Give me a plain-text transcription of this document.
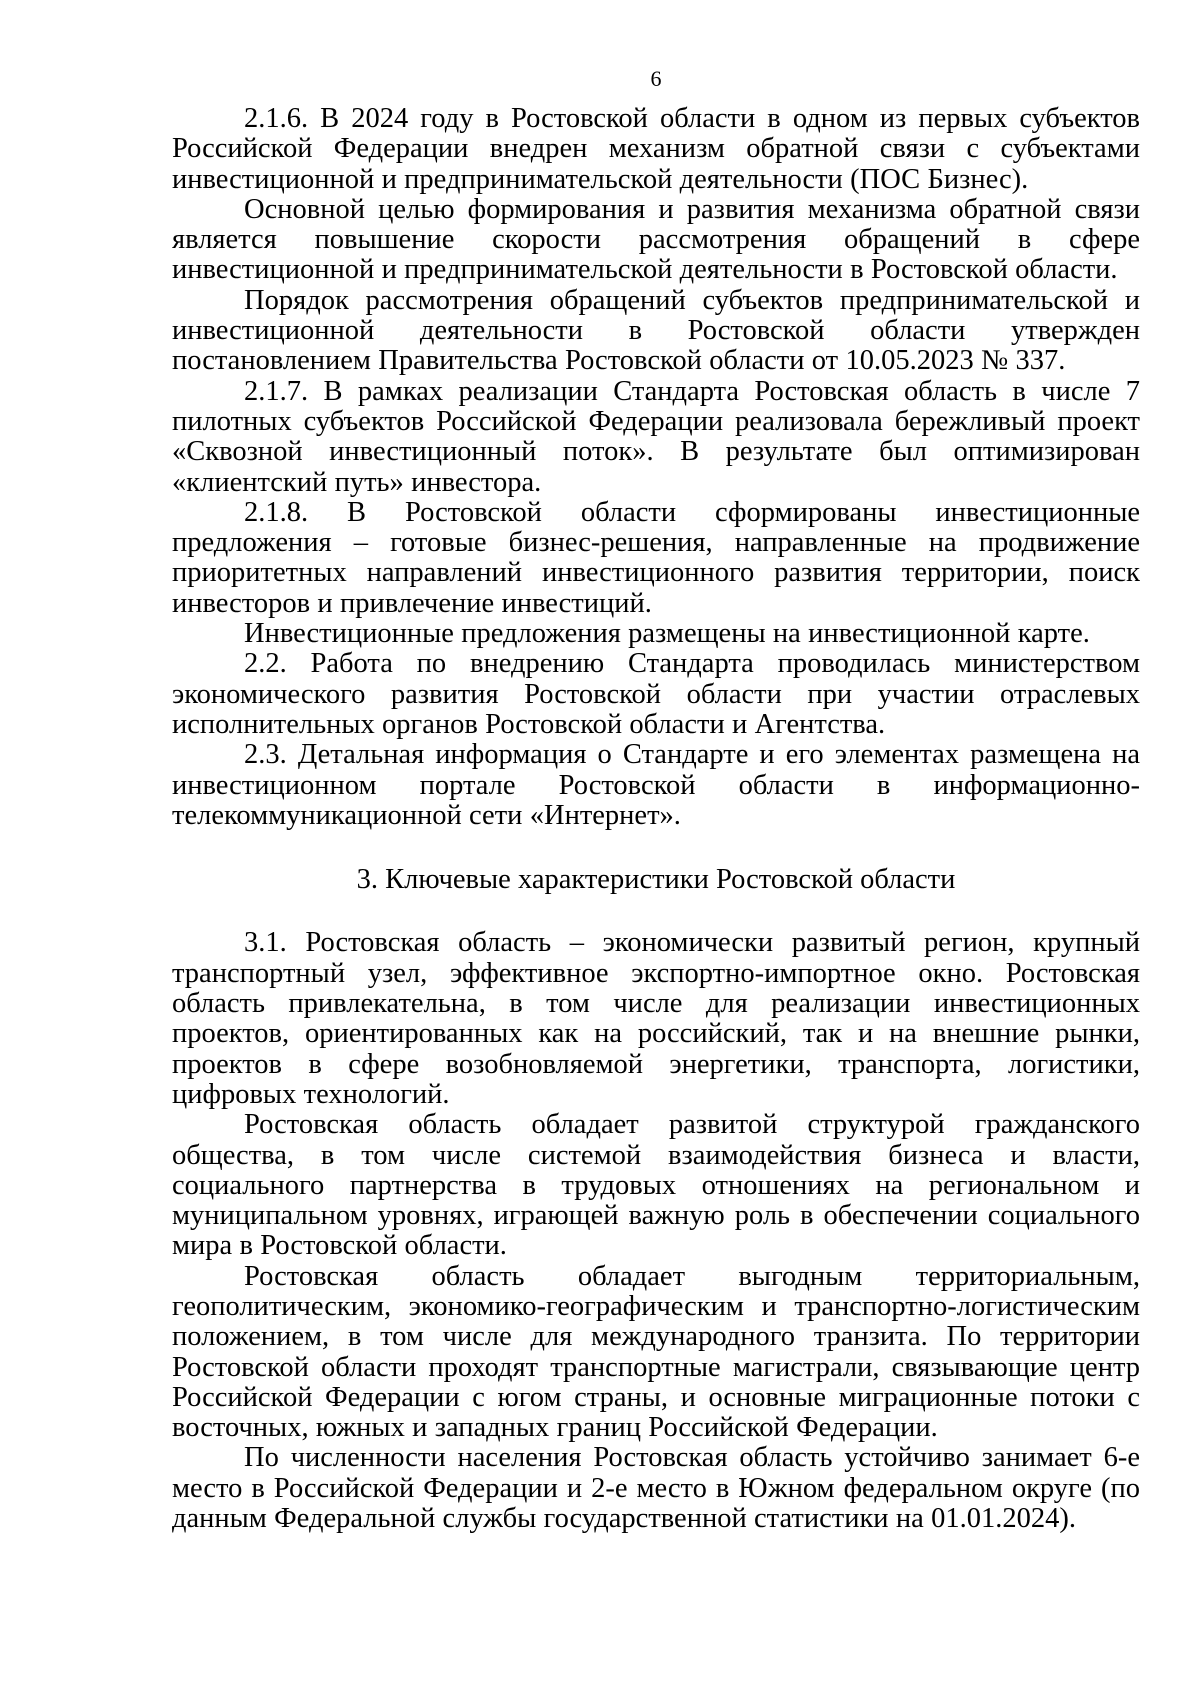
6

2.1.6. В 2024 году в Ростовской области в одном из первых субъектов Российской Федерации внедрен механизм обратной связи с субъектами инвестиционной и предпринимательской деятельности (ПОС Бизнес).

Основной целью формирования и развития механизма обратной связи является повышение скорости рассмотрения обращений в сфере инвестиционной и предпринимательской деятельности в Ростовской области.

Порядок рассмотрения обращений субъектов предпринимательской и инвестиционной деятельности в Ростовской области утвержден постановлением Правительства Ростовской области от 10.05.2023 № 337.

2.1.7. В рамках реализации Стандарта Ростовская область в числе 7 пилотных субъектов Российской Федерации реализовала бережливый проект «Сквозной инвестиционный поток». В результате был оптимизирован «клиентский путь» инвестора.

2.1.8. В Ростовской области сформированы инвестиционные предложения – готовые бизнес-решения, направленные на продвижение приоритетных направлений инвестиционного развития территории, поиск инвесторов и привлечение инвестиций.

Инвестиционные предложения размещены на инвестиционной карте.

2.2. Работа по внедрению Стандарта проводилась министерством экономического развития Ростовской области при участии отраслевых исполнительных органов Ростовской области и Агентства.

2.3. Детальная информация о Стандарте и его элементах размещена на инвестиционном портале Ростовской области в информационно-телекоммуникационной сети «Интернет».

3. Ключевые характеристики Ростовской области

3.1. Ростовская область – экономически развитый регион, крупный транспортный узел, эффективное экспортно-импортное окно. Ростовская область привлекательна, в том числе для реализации инвестиционных проектов, ориентированных как на российский, так и на внешние рынки, проектов в сфере возобновляемой энергетики, транспорта, логистики, цифровых технологий.

Ростовская область обладает развитой структурой гражданского общества, в том числе системой взаимодействия бизнеса и власти, социального партнерства в трудовых отношениях на региональном и муниципальном уровнях, играющей важную роль в обеспечении социального мира в Ростовской области.

Ростовская область обладает выгодным территориальным, геополитическим, экономико-географическим и транспортно-логистическим положением, в том числе для международного транзита. По территории Ростовской области проходят транспортные магистрали, связывающие центр Российской Федерации с югом страны, и основные миграционные потоки с восточных, южных и западных границ Российской Федерации.

По численности населения Ростовская область устойчиво занимает 6-е место в Российской Федерации и 2-е место в Южном федеральном округе (по данным Федеральной службы государственной статистики на 01.01.2024).
